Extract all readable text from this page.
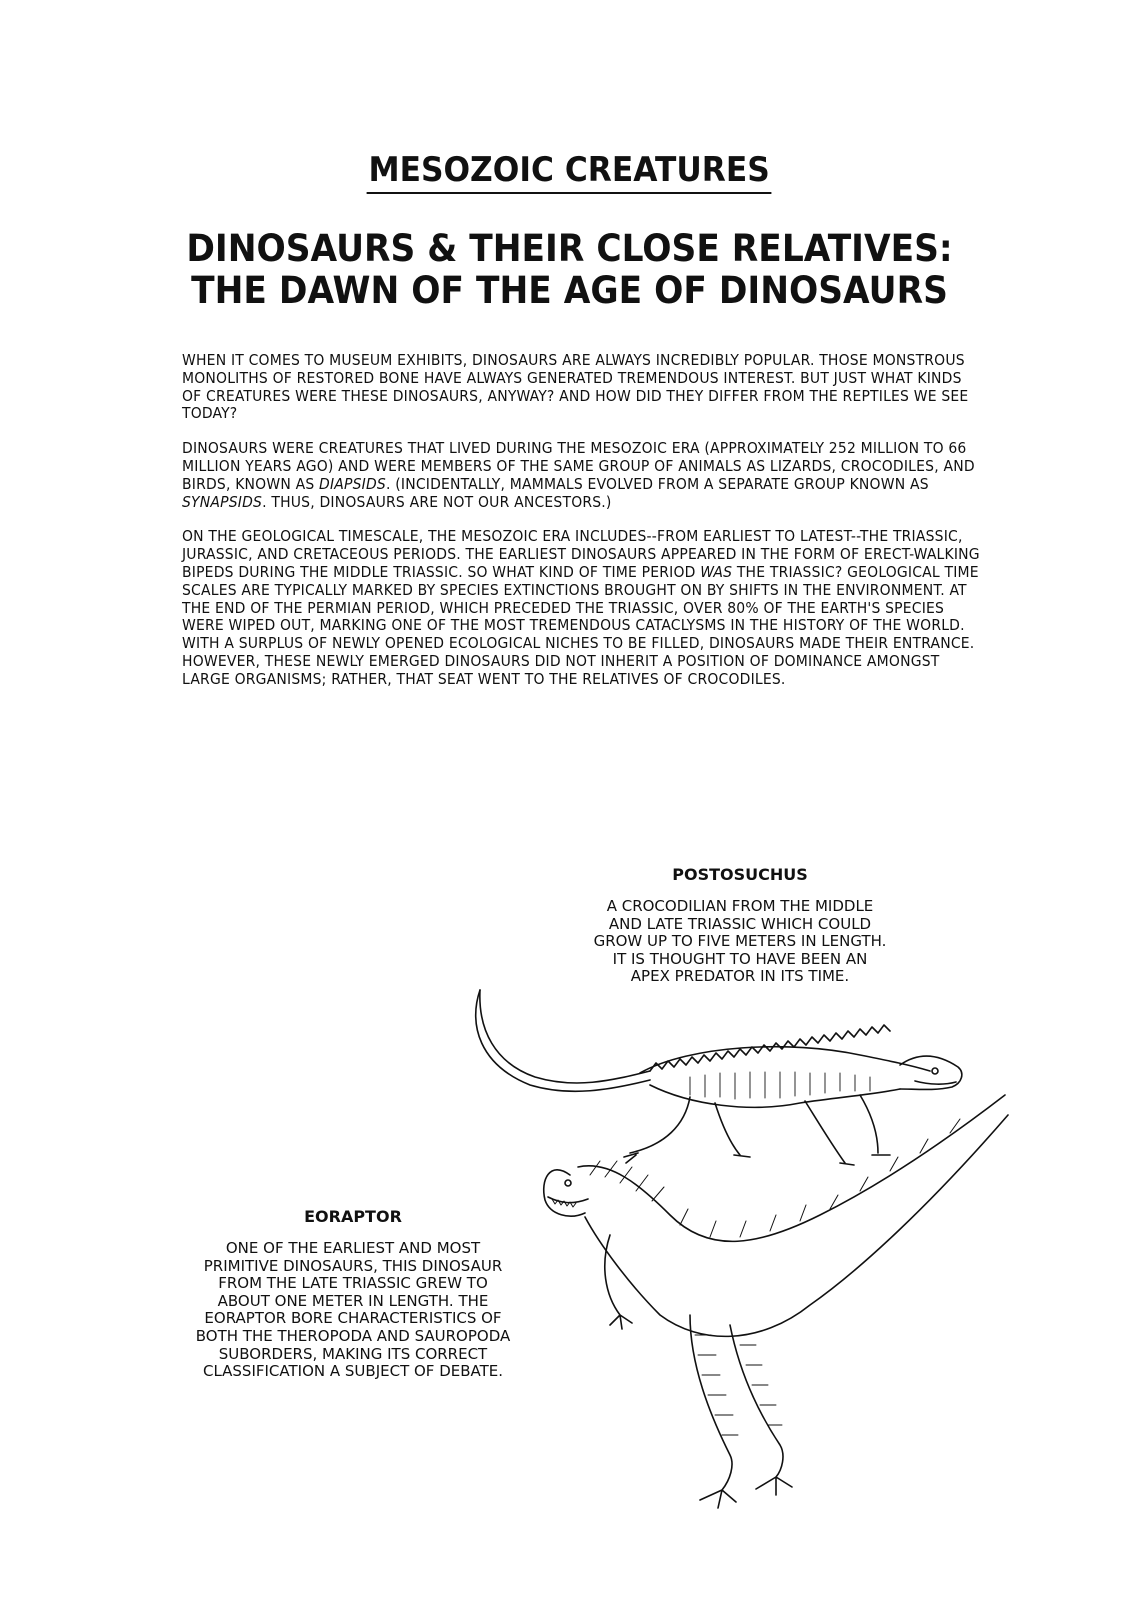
MESOZOIC CREATURES
DINOSAURS & THEIR CLOSE RELATIVES:
THE DAWN OF THE AGE OF DINOSAURS

WHEN IT COMES TO MUSEUM EXHIBITS, DINOSAURS ARE ALWAYS INCREDIBLY POPULAR. THOSE MONSTROUS MONOLITHS OF RESTORED BONE HAVE ALWAYS GENERATED TREMENDOUS INTEREST. BUT JUST WHAT KINDS OF CREATURES WERE THESE DINOSAURS, ANYWAY? AND HOW DID THEY DIFFER FROM THE REPTILES WE SEE TODAY?

DINOSAURS WERE CREATURES THAT LIVED DURING THE MESOZOIC ERA (APPROXIMATELY 252 MILLION TO 66 MILLION YEARS AGO) AND WERE MEMBERS OF THE SAME GROUP OF ANIMALS AS LIZARDS, CROCODILES, AND BIRDS, KNOWN AS DIAPSIDS. (INCIDENTALLY, MAMMALS EVOLVED FROM A SEPARATE GROUP KNOWN AS SYNAPSIDS. THUS, DINOSAURS ARE NOT OUR ANCESTORS.)

ON THE GEOLOGICAL TIMESCALE, THE MESOZOIC ERA INCLUDES--FROM EARLIEST TO LATEST--THE TRIASSIC, JURASSIC, AND CRETACEOUS PERIODS. THE EARLIEST DINOSAURS APPEARED IN THE FORM OF ERECT-WALKING BIPEDS DURING THE MIDDLE TRIASSIC. SO WHAT KIND OF TIME PERIOD WAS THE TRIASSIC? GEOLOGICAL TIME SCALES ARE TYPICALLY MARKED BY SPECIES EXTINCTIONS BROUGHT ON BY SHIFTS IN THE ENVIRONMENT. AT THE END OF THE PERMIAN PERIOD, WHICH PRECEDED THE TRIASSIC, OVER 80% OF THE EARTH'S SPECIES WERE WIPED OUT, MARKING ONE OF THE MOST TREMENDOUS CATACLYSMS IN THE HISTORY OF THE WORLD. WITH A SURPLUS OF NEWLY OPENED ECOLOGICAL NICHES TO BE FILLED, DINOSAURS MADE THEIR ENTRANCE. HOWEVER, THESE NEWLY EMERGED DINOSAURS DID NOT INHERIT A POSITION OF DOMINANCE AMONGST LARGE ORGANISMS; RATHER, THAT SEAT WENT TO THE RELATIVES OF CROCODILES.

POSTOSUCHUS
A CROCODILIAN FROM THE MIDDLE
AND LATE TRIASSIC WHICH COULD
GROW UP TO FIVE METERS IN LENGTH.
IT IS THOUGHT TO HAVE BEEN AN
APEX PREDATOR IN ITS TIME.
EORAPTOR
ONE OF THE EARLIEST AND MOST
PRIMITIVE DINOSAURS, THIS DINOSAUR
FROM THE LATE TRIASSIC GREW TO
ABOUT ONE METER IN LENGTH. THE
EORAPTOR BORE CHARACTERISTICS OF
BOTH THE THEROPODA AND SAUROPODA
SUBORDERS, MAKING ITS CORRECT
CLASSIFICATION A SUBJECT OF DEBATE.
